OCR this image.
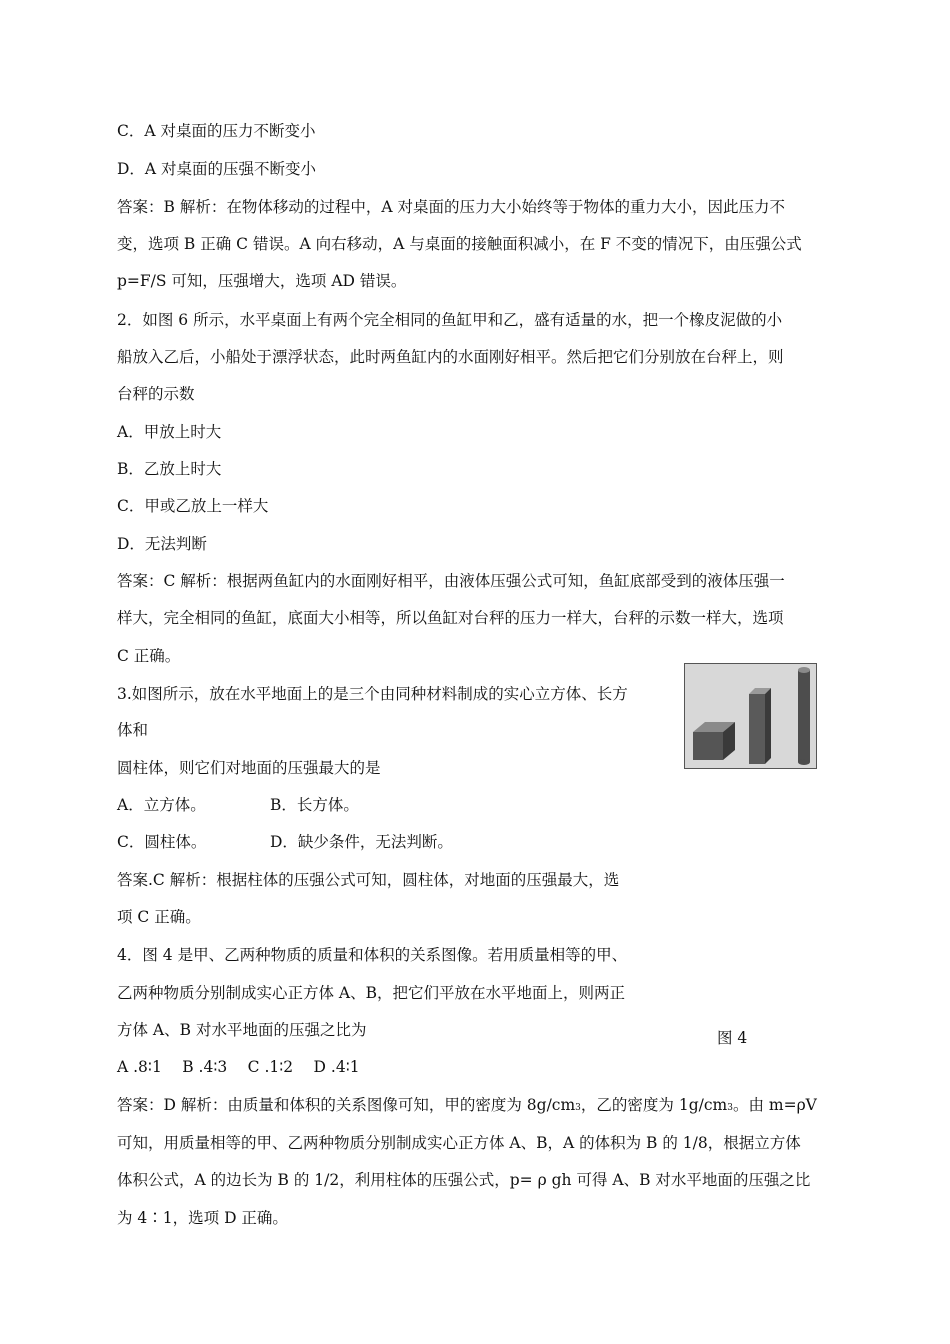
C．A 对桌面的压力不断变小
D．A 对桌面的压强不断变小
答案：B 解析：在物体移动的过程中，A 对桌面的压力大小始终等于物体的重力大小，因此压力不
变，选项 B 正确 C 错误。A 向右移动，A 与桌面的接触面积减小，在 F 不变的情况下，由压强公式
p=F/S 可知，压强增大，选项 AD 错误。
2．如图 6 所示，水平桌面上有两个完全相同的鱼缸甲和乙，盛有适量的水，把一个橡皮泥做的小
船放入乙后，小船处于漂浮状态，此时两鱼缸内的水面刚好相平。然后把它们分别放在台秤上，则
台秤的示数
A．甲放上时大
B．乙放上时大
C．甲或乙放上一样大
D．无法判断
答案：C 解析：根据两鱼缸内的水面刚好相平，由液体压强公式可知，鱼缸底部受到的液体压强一
样大，完全相同的鱼缸，底面大小相等，所以鱼缸对台秤的压力一样大，台秤的示数一样大，选项
C 正确。
3.如图所示，放在水平地面上的是三个由同种材料制成的实心立方体、长方
体和
圆柱体，则它们对地面的压强最大的是
A．立方体。	B．长方体。
C．圆柱体。	D．缺少条件，无法判断。
答案.C 解析：根据柱体的压强公式可知，圆柱体，对地面的压强最大，选
项 C 正确。
4．图 4 是甲、乙两种物质的质量和体积的关系图像。若用质量相等的甲、
乙两种物质分别制成实心正方体 A、B，把它们平放在水平地面上，则两正
方体 A、B 对水平地面的压强之比为	图 4
A .8∶1　 B .4∶3　 C .1∶2　 D .4∶1
答案：D 解析：由质量和体积的关系图像可知，甲的密度为 8g/cm3，乙的密度为 1g/cm3。由 m=ρV
可知，用质量相等的甲、乙两种物质分别制成实心正方体 A、B，A 的体积为 B 的 1/8，根据立方体
体积公式，A 的边长为 B 的 1/2，利用柱体的压强公式，p= ρ gh 可得 A、B 对水平地面的压强之比
为 4∶1，选项 D 正确。
